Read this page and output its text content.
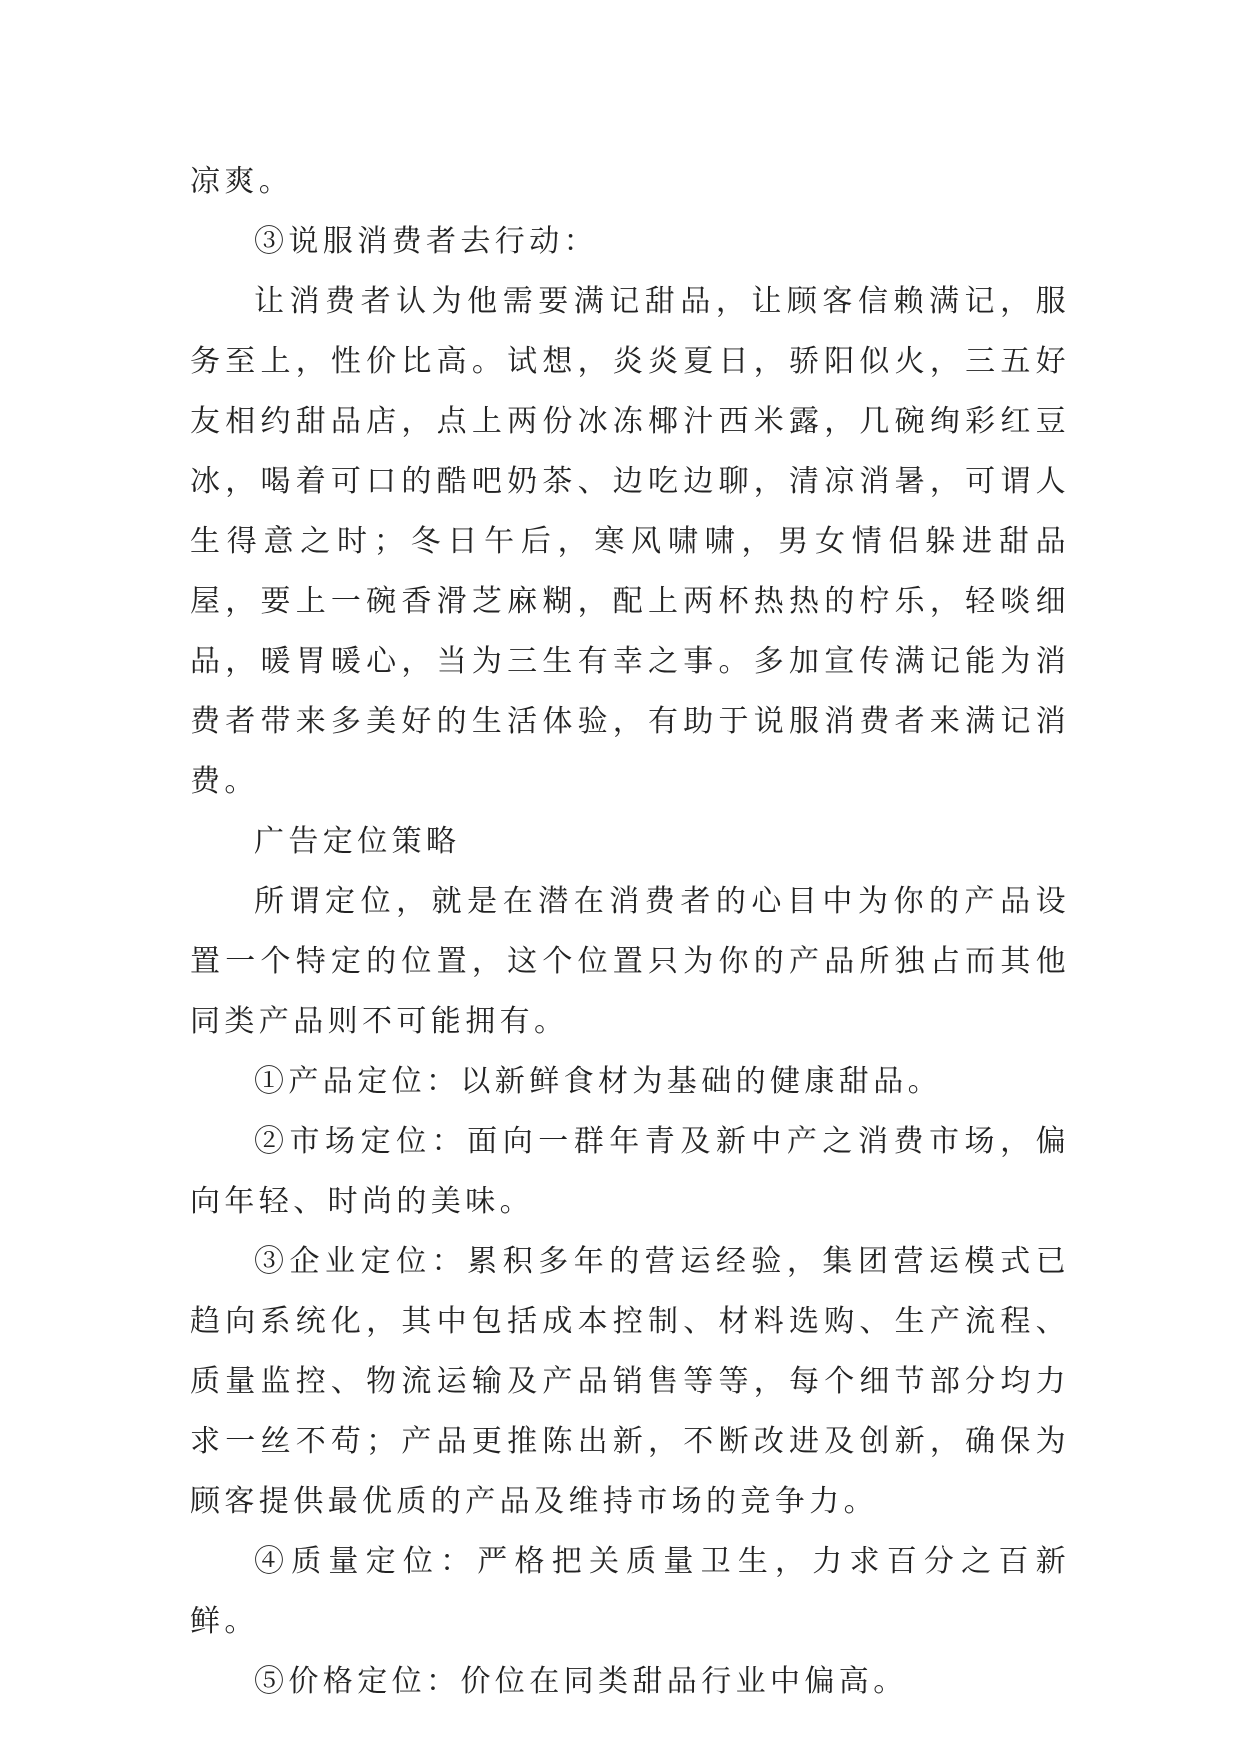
凉爽。

③说服消费者去行动：

让消费者认为他需要满记甜品，让顾客信赖满记，服务至上，性价比高。试想，炎炎夏日，骄阳似火，三五好友相约甜品店，点上两份冰冻椰汁西米露，几碗绚彩红豆冰，喝着可口的酷吧奶茶、边吃边聊，清凉消暑，可谓人生得意之时；冬日午后，寒风啸啸，男女情侣躲进甜品屋，要上一碗香滑芝麻糊，配上两杯热热的柠乐，轻啖细品，暖胃暖心，当为三生有幸之事。多加宣传满记能为消费者带来多美好的生活体验，有助于说服消费者来满记消费。

广告定位策略

所谓定位，就是在潜在消费者的心目中为你的产品设置一个特定的位置，这个位置只为你的产品所独占而其他同类产品则不可能拥有。

①产品定位：以新鲜食材为基础的健康甜品。

②市场定位：面向一群年青及新中产之消费市场，偏向年轻、时尚的美味。

③企业定位：累积多年的营运经验，集团营运模式已趋向系统化，其中包括成本控制、材料选购、生产流程、质量监控、物流运输及产品销售等等，每个细节部分均力求一丝不苟；产品更推陈出新，不断改进及创新，确保为顾客提供最优质的产品及维持市场的竞争力。

④质量定位：严格把关质量卫生，力求百分之百新鲜。

⑤价格定位：价位在同类甜品行业中偏高。
